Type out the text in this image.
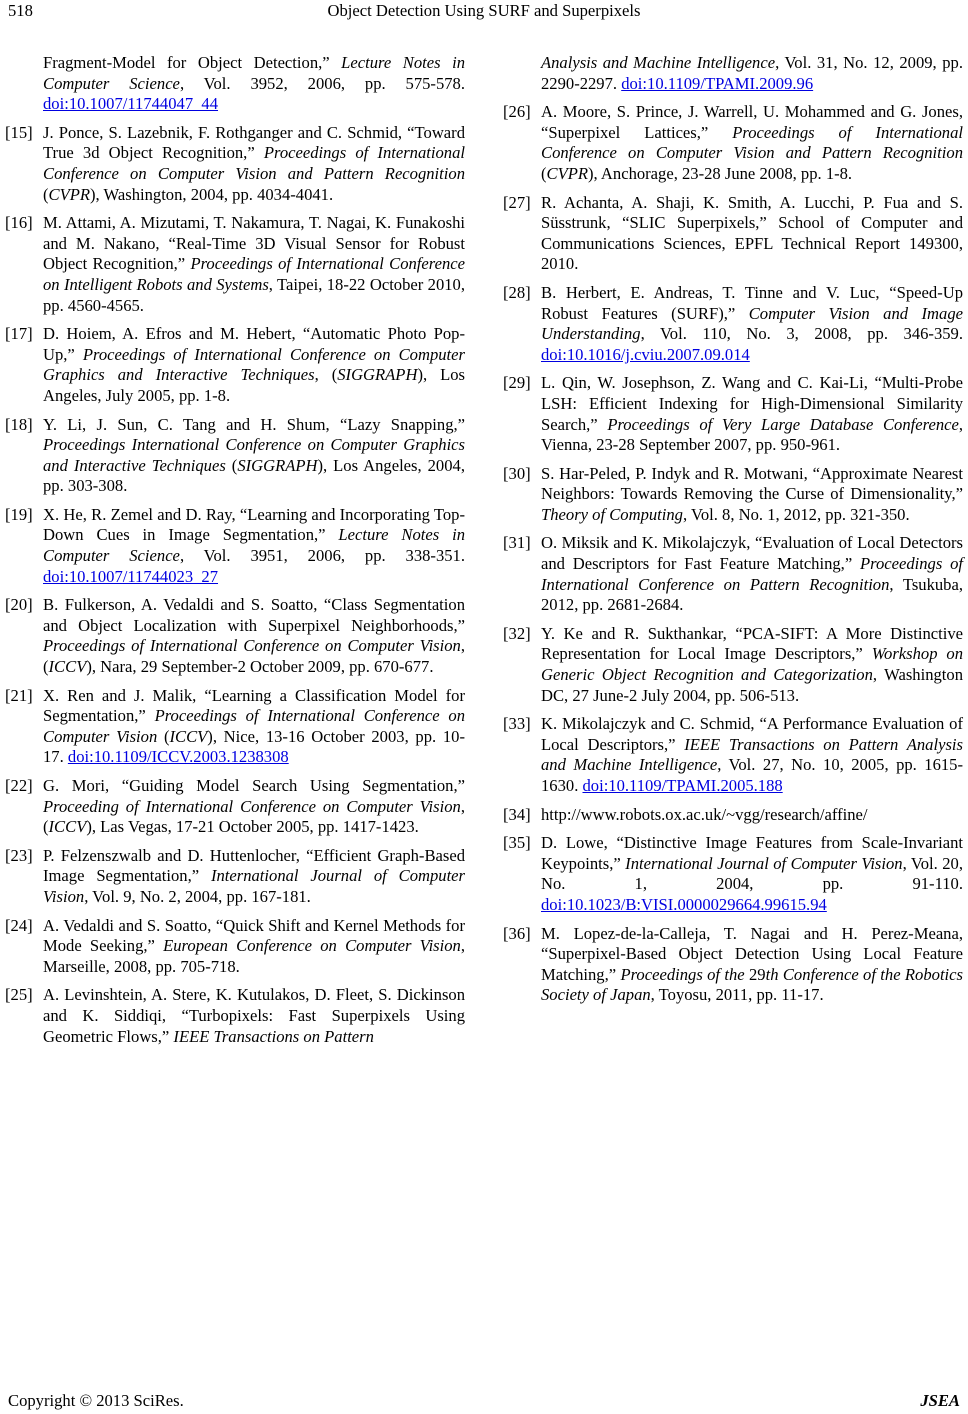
518	Object Detection Using SURF and Superpixels
Fragment-Model for Object Detection,” Lecture Notes in Computer Science, Vol. 3952, 2006, pp. 575-578. doi:10.1007/11744047_44
[15] J. Ponce, S. Lazebnik, F. Rothganger and C. Schmid, “Toward True 3d Object Recognition,” Proceedings of International Conference on Computer Vision and Pattern Recognition (CVPR), Washington, 2004, pp. 4034-4041.
[16] M. Attami, A. Mizutami, T. Nakamura, T. Nagai, K. Funakoshi and M. Nakano, “Real-Time 3D Visual Sensor for Robust Object Recognition,” Proceedings of International Conference on Intelligent Robots and Systems, Taipei, 18-22 October 2010, pp. 4560-4565.
[17] D. Hoiem, A. Efros and M. Hebert, “Automatic Photo Pop-Up,” Proceedings of International Conference on Computer Graphics and Interactive Techniques, (SIGGRAPH), Los Angeles, July 2005, pp. 1-8.
[18] Y. Li, J. Sun, C. Tang and H. Shum, “Lazy Snapping,” Proceedings International Conference on Computer Graphics and Interactive Techniques (SIGGRAPH), Los Angeles, 2004, pp. 303-308.
[19] X. He, R. Zemel and D. Ray, “Learning and Incorporating Top-Down Cues in Image Segmentation,” Lecture Notes in Computer Science, Vol. 3951, 2006, pp. 338-351. doi:10.1007/11744023_27
[20] B. Fulkerson, A. Vedaldi and S. Soatto, “Class Segmentation and Object Localization with Superpixel Neighborhoods,” Proceedings of International Conference on Computer Vision, (ICCV), Nara, 29 September-2 October 2009, pp. 670-677.
[21] X. Ren and J. Malik, “Learning a Classification Model for Segmentation,” Proceedings of International Conference on Computer Vision (ICCV), Nice, 13-16 October 2003, pp. 10-17. doi:10.1109/ICCV.2003.1238308
[22] G. Mori, “Guiding Model Search Using Segmentation,” Proceeding of International Conference on Computer Vision, (ICCV), Las Vegas, 17-21 October 2005, pp. 1417-1423.
[23] P. Felzenszwalb and D. Huttenlocher, “Efficient Graph-Based Image Segmentation,” International Journal of Computer Vision, Vol. 9, No. 2, 2004, pp. 167-181.
[24] A. Vedaldi and S. Soatto, “Quick Shift and Kernel Methods for Mode Seeking,” European Conference on Computer Vision, Marseille, 2008, pp. 705-718.
[25] A. Levinshtein, A. Stere, K. Kutulakos, D. Fleet, S. Dickinson and K. Siddiqi, “Turbopixels: Fast Superpixels Using Geometric Flows,” IEEE Transactions on Pattern
Analysis and Machine Intelligence, Vol. 31, No. 12, 2009, pp. 2290-2297. doi:10.1109/TPAMI.2009.96
[26] A. Moore, S. Prince, J. Warrell, U. Mohammed and G. Jones, “Superpixel Lattices,” Proceedings of International Conference on Computer Vision and Pattern Recognition (CVPR), Anchorage, 23-28 June 2008, pp. 1-8.
[27] R. Achanta, A. Shaji, K. Smith, A. Lucchi, P. Fua and S. Süsstrunk, “SLIC Superpixels,” School of Computer and Communications Sciences, EPFL Technical Report 149300, 2010.
[28] B. Herbert, E. Andreas, T. Tinne and V. Luc, “Speed-Up Robust Features (SURF),” Computer Vision and Image Understanding, Vol. 110, No. 3, 2008, pp. 346-359. doi:10.1016/j.cviu.2007.09.014
[29] L. Qin, W. Josephson, Z. Wang and C. Kai-Li, “Multi-Probe LSH: Efficient Indexing for High-Dimensional Similarity Search,” Proceedings of Very Large Database Conference, Vienna, 23-28 September 2007, pp. 950-961.
[30] S. Har-Peled, P. Indyk and R. Motwani, “Approximate Nearest Neighbors: Towards Removing the Curse of Dimensionality,” Theory of Computing, Vol. 8, No. 1, 2012, pp. 321-350.
[31] O. Miksik and K. Mikolajczyk, “Evaluation of Local Detectors and Descriptors for Fast Feature Matching,” Proceedings of International Conference on Pattern Recognition, Tsukuba, 2012, pp. 2681-2684.
[32] Y. Ke and R. Sukthankar, “PCA-SIFT: A More Distinctive Representation for Local Image Descriptors,” Workshop on Generic Object Recognition and Categorization, Washington DC, 27 June-2 July 2004, pp. 506-513.
[33] K. Mikolajczyk and C. Schmid, “A Performance Evaluation of Local Descriptors,” IEEE Transactions on Pattern Analysis and Machine Intelligence, Vol. 27, No. 10, 2005, pp. 1615-1630. doi:10.1109/TPAMI.2005.188
[34] http://www.robots.ox.ac.uk/~vgg/research/affine/
[35] D. Lowe, “Distinctive Image Features from Scale-Invariant Keypoints,” International Journal of Computer Vision, Vol. 20, No. 1, 2004, pp. 91-110. doi:10.1023/B:VISI.0000029664.99615.94
[36] M. Lopez-de-la-Calleja, T. Nagai and H. Perez-Meana, “Superpixel-Based Object Detection Using Local Feature Matching,” Proceedings of the 29th Conference of the Robotics Society of Japan, Toyosu, 2011, pp. 11-17.
Copyright © 2013 SciRes.	JSEA
